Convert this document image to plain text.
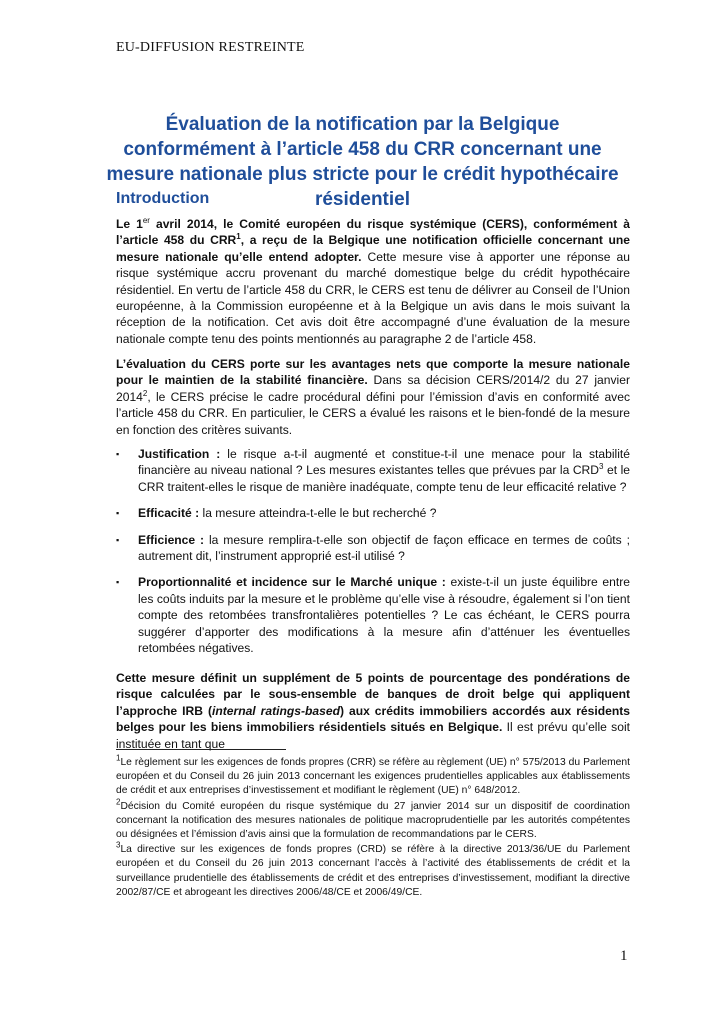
EU-DIFFUSION RESTREINTE
Évaluation de la notification par la Belgique conformément à l’article 458 du CRR concernant une mesure nationale plus stricte pour le crédit hypothécaire résidentiel
Introduction

Le 1er avril 2014, le Comité européen du risque systémique (CERS), conformément à l’article 458 du CRR$^1$, a reçu de la Belgique une notification officielle concernant une mesure nationale qu’elle entend adopter. Cette mesure vise à apporter une réponse au risque systémique accru provenant du marché domestique belge du crédit hypothécaire résidentiel. En vertu de l’article 458 du CRR, le CERS est tenu de délivrer au Conseil de l’Union européenne, à la Commission européenne et à la Belgique un avis dans le mois suivant la réception de la notification. Cet avis doit être accompagné d’une évaluation de la mesure nationale compte tenu des points mentionnés au paragraphe 2 de l’article 458.

L’évaluation du CERS porte sur les avantages nets que comporte la mesure nationale pour le maintien de la stabilité financière. Dans sa décision CERS/2014/2 du 27 janvier 2014$^2$, le CERS précise le cadre procédural défini pour l’émission d’avis en conformité avec l’article 458 du CRR. En particulier, le CERS a évalué les raisons et le bien-fondé de la mesure en fonction des critères suivants.

▪ Justification : le risque a-t-il augmenté et constitue-t-il une menace pour la stabilité financière au niveau national ? Les mesures existantes telles que prévues par la CRD$^3$ et le CRR traitent-elles le risque de manière inadéquate, compte tenu de leur efficacité relative ?
▪ Efficacité : la mesure atteindra-t-elle le but recherché ?
▪ Efficience : la mesure remplira-t-elle son objectif de façon efficace en termes de coûts ; autrement dit, l’instrument approprié est-il utilisé ?
▪ Proportionnalité et incidence sur le Marché unique : existe-t-il un juste équilibre entre les coûts induits par la mesure et le problème qu’elle vise à résoudre, également si l’on tient compte des retombées transfrontalières potentielles ? Le cas échéant, le CERS pourra suggérer d’apporter des modifications à la mesure afin d’atténuer les éventuelles retombées négatives.

Cette mesure définit un supplément de 5 points de pourcentage des pondérations de risque calculées par le sous-ensemble de banques de droit belge qui appliquent l’approche IRB (internal ratings-based) aux crédits immobiliers accordés aux résidents belges pour les biens immobiliers résidentiels situés en Belgique. Il est prévu qu’elle soit instituée en tant que

$^1$Le règlement sur les exigences de fonds propres (CRR) se réfère au règlement (UE) n° 575/2013 du Parlement européen et du Conseil du 26 juin 2013 concernant les exigences prudentielles applicables aux établissements de crédit et aux entreprises d’investissement et modifiant le règlement (UE) n° 648/2012.

$^2$Décision du Comité européen du risque systémique du 27 janvier 2014 sur un dispositif de coordination concernant la notification des mesures nationales de politique macroprudentielle par les autorités compétentes ou désignées et l’émission d’avis ainsi que la formulation de recommandations par le CERS.

$^3$La directive sur les exigences de fonds propres (CRD) se réfère à la directive 2013/36/UE du Parlement européen et du Conseil du 26 juin 2013 concernant l’accès à l’activité des établissements de crédit et la surveillance prudentielle des établissements de crédit et des entreprises d’investissement, modifiant la directive 2002/87/CE et abrogeant les directives 2006/48/CE et 2006/49/CE.

1
